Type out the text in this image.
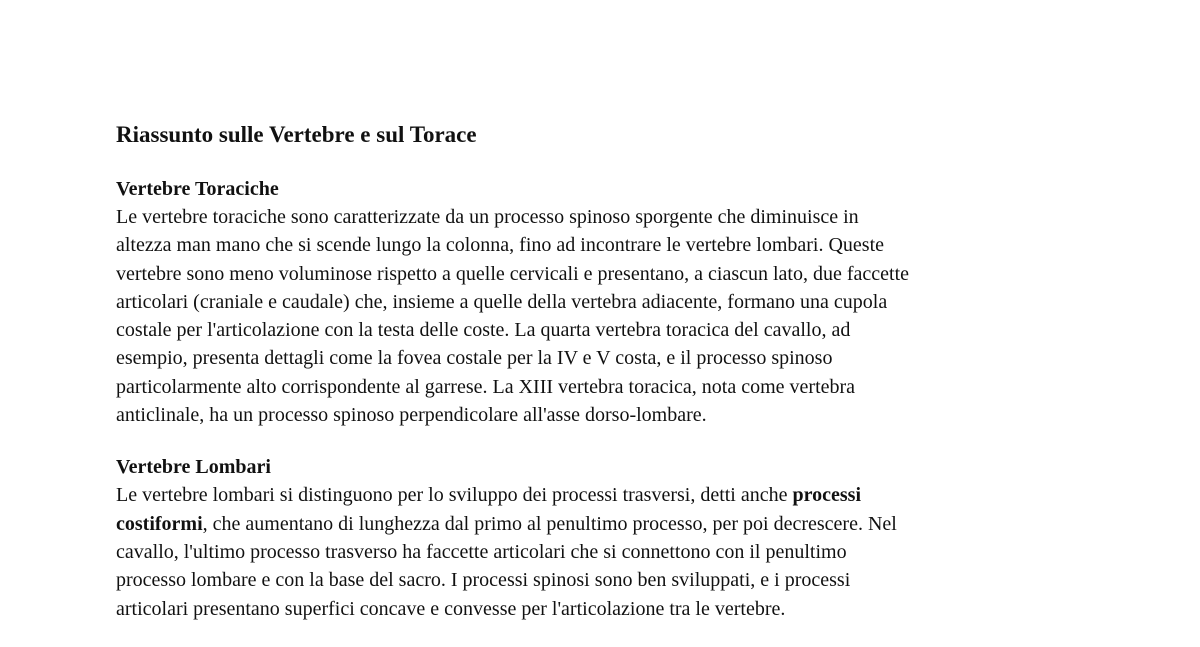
Riassunto sulle Vertebre e sul Torace
Vertebre Toraciche

Le vertebre toraciche sono caratterizzate da un processo spinoso sporgente che diminuisce in
altezza man mano che si scende lungo la colonna, fino ad incontrare le vertebre lombari. Queste
vertebre sono meno voluminose rispetto a quelle cervicali e presentano, a ciascun lato, due faccette
articolari (craniale e caudale) che, insieme a quelle della vertebra adiacente, formano una cupola
costale per l'articolazione con la testa delle coste. La quarta vertebra toracica del cavallo, ad
esempio, presenta dettagli come la fovea costale per la IV e V costa, e il processo spinoso
particolarmente alto corrispondente al garrese. La XIII vertebra toracica, nota come vertebra
anticlinale, ha un processo spinoso perpendicolare all'asse dorso-lombare.

Vertebre Lombari

Le vertebre lombari si distinguono per lo sviluppo dei processi trasversi, detti anche processi
costiformi, che aumentano di lunghezza dal primo al penultimo processo, per poi decrescere. Nel
cavallo, l'ultimo processo trasverso ha faccette articolari che si connettono con il penultimo
processo lombare e con la base del sacro. I processi spinosi sono ben sviluppati, e i processi
articolari presentano superfici concave e convesse per l'articolazione tra le vertebre.
